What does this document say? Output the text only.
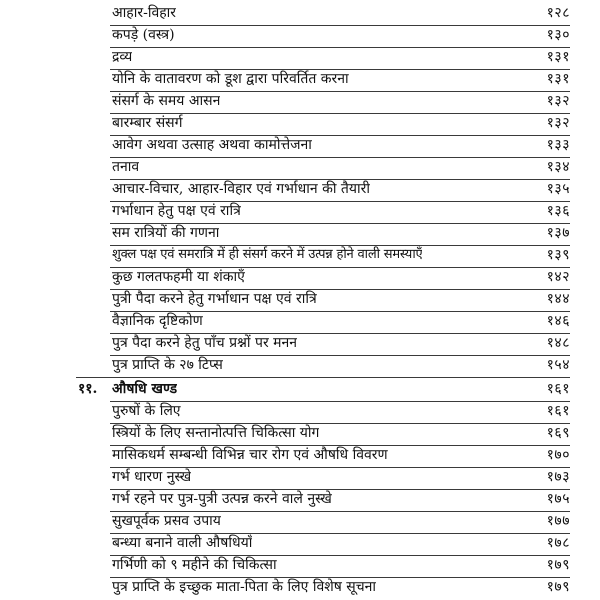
आहार-विहार	१२८
कपड़े (वस्त्र)	१३०
द्रव्य	१३१
योनि के वातावरण को डूश द्वारा परिवर्तित करना	१३१
संसर्ग के समय आसन	१३२
बारम्बार संसर्ग	१३२
आवेग अथवा उत्साह अथवा कामोत्तेजना	१३३
तनाव	१३४
आचार-विचार, आहार-विहार एवं गर्भाधान की तैयारी	१३५
गर्भाधान हेतु पक्ष एवं रात्रि	१३६
सम रात्रियों की गणना	१३७
शुक्ल पक्ष एवं समरात्रि में ही संसर्ग करने में उत्पन्न होने वाली समस्याएँ	१३९
कुछ गलतफहमी या शंकाएँ	१४२
पुत्री पैदा करने हेतु गर्भाधान पक्ष एवं रात्रि	१४४
वैज्ञानिक दृष्टिकोण	१४६
पुत्र पैदा करने हेतु पाँच प्रश्नों पर मनन	१४८
पुत्र प्राप्ति के २७ टिप्स	१५४
११. औषधि खण्ड	१६१
पुरुषों के लिए	१६१
स्त्रियों के लिए सन्तानोत्पत्ति चिकित्सा योग	१६९
मासिकधर्म सम्बन्धी विभिन्न चार रोग एवं औषधि विवरण	१७०
गर्भ धारण नुस्खे	१७३
गर्भ रहने पर पुत्र-पुत्री उत्पन्न करने वाले नुस्खे	१७५
सुखपूर्वक प्रसव उपाय	१७७
बन्ध्या बनाने वाली औषधियाँ	१७८
गर्भिणी को ९ महीने की चिकित्सा	१७९
पुत्र प्राप्ति के इच्छुक माता-पिता के लिए विशेष सूचना	१७९
